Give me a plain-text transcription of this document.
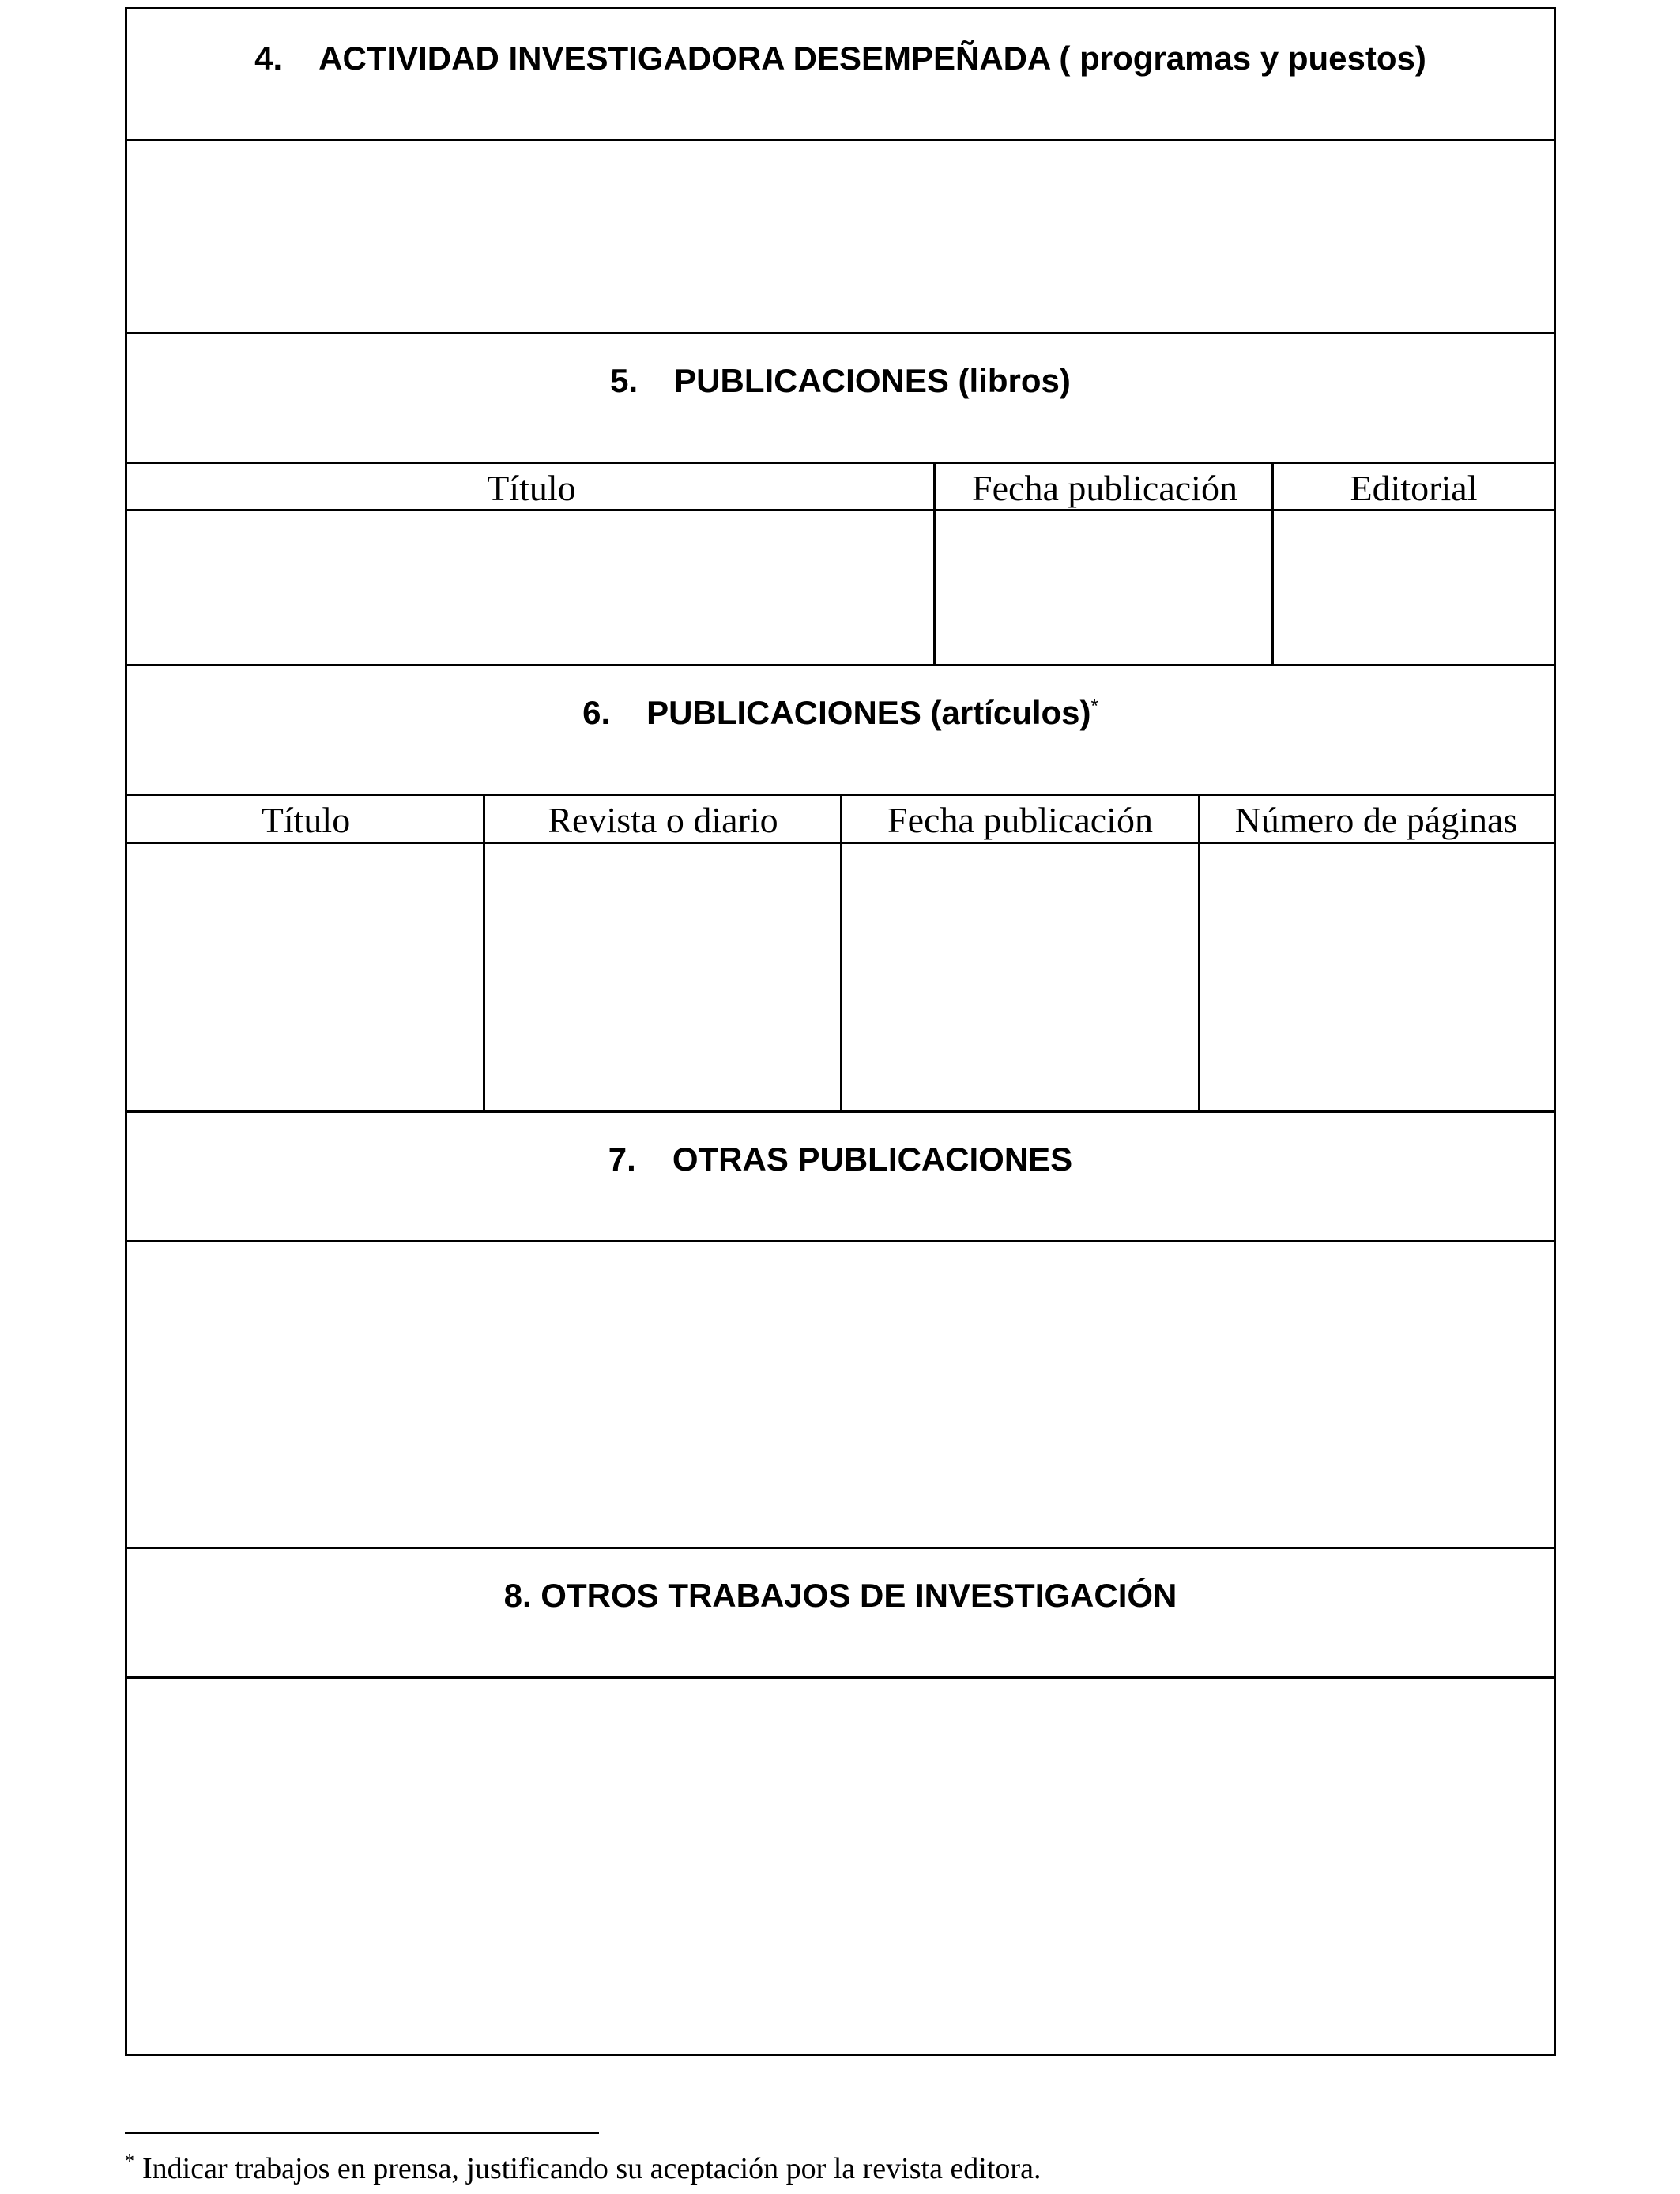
4. ACTIVIDAD INVESTIGADORA DESEMPEÑADA ( programas y puestos)
5. PUBLICACIONES (libros)
Título	Fecha publicación	Editorial
6. PUBLICACIONES (artículos)*
Título	Revista o diario	Fecha publicación	Número de páginas
7. OTRAS PUBLICACIONES
8. OTROS TRABAJOS DE INVESTIGACIÓN
* Indicar trabajos en prensa, justificando su aceptación por la revista editora.
